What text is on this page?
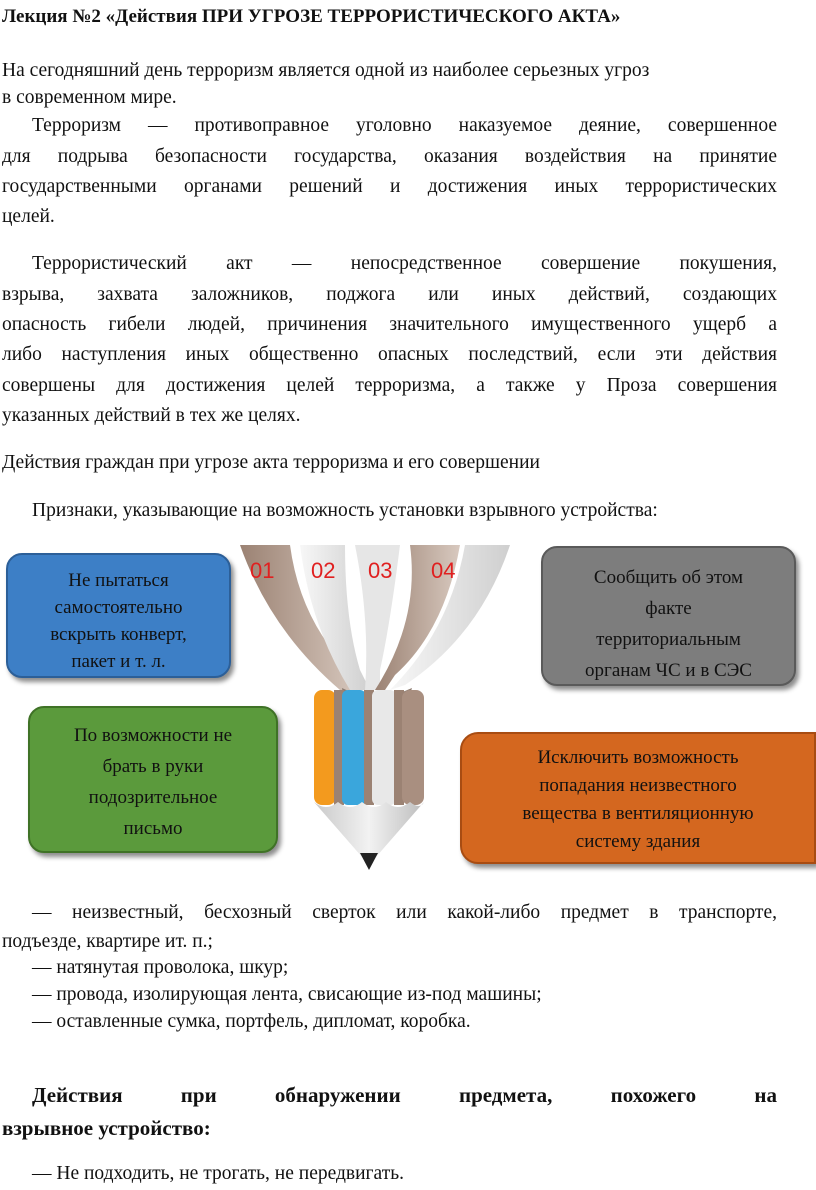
Лекция №2 «Действия ПРИ УГРОЗЕ ТЕРРОРИСТИЧЕСКОГО АКТА»
На сегодняшний день терроризм является одной из наиболее серьезных угроз
в современном мире.
Терроризм — противоправное уголовно наказуемое деяние, совершенное
для подрыва безопасности государства, оказания воздействия на принятие
государственными органами решений и достижения иных террористических
целей.
Террористический акт — непосредственное совершение покушения,
взрыва, захвата заложников, поджога или иных действий, создающих
опасность гибели людей, причинения значительного имущественного ущерб а
либо наступления иных общественно опасных последствий, если эти действия
совершены для достижения целей терроризма, а также у Проза совершения
указанных действий в тех же целях.
Действия граждан при угрозе акта терроризма и его совершении
Признаки, указывающие на возможность установки взрывного устройства:
01 02 03 04
Не пытаться
самостоятельно
вскрыть конверт,
пакет и т. л.
Сообщить об этом
факте
территориальным
органам ЧС и в СЭС
По возможности не
брать в руки
подозрительное
письмо
Исключить возможность
попадания неизвестного
вещества в вентиляционную
систему здания
— неизвестный, бесхозный сверток или какой-либо предмет в транспорте,
подъезде, квартире ит. п.;
— натянутая проволока, шкур;
— провода, изолирующая лента, свисающие из-под машины;
— оставленные сумка, портфель, дипломат, коробка.
Действия при обнаружении предмета, похожего на
взрывное устройство:
— Не подходить, не трогать, не передвигать.
